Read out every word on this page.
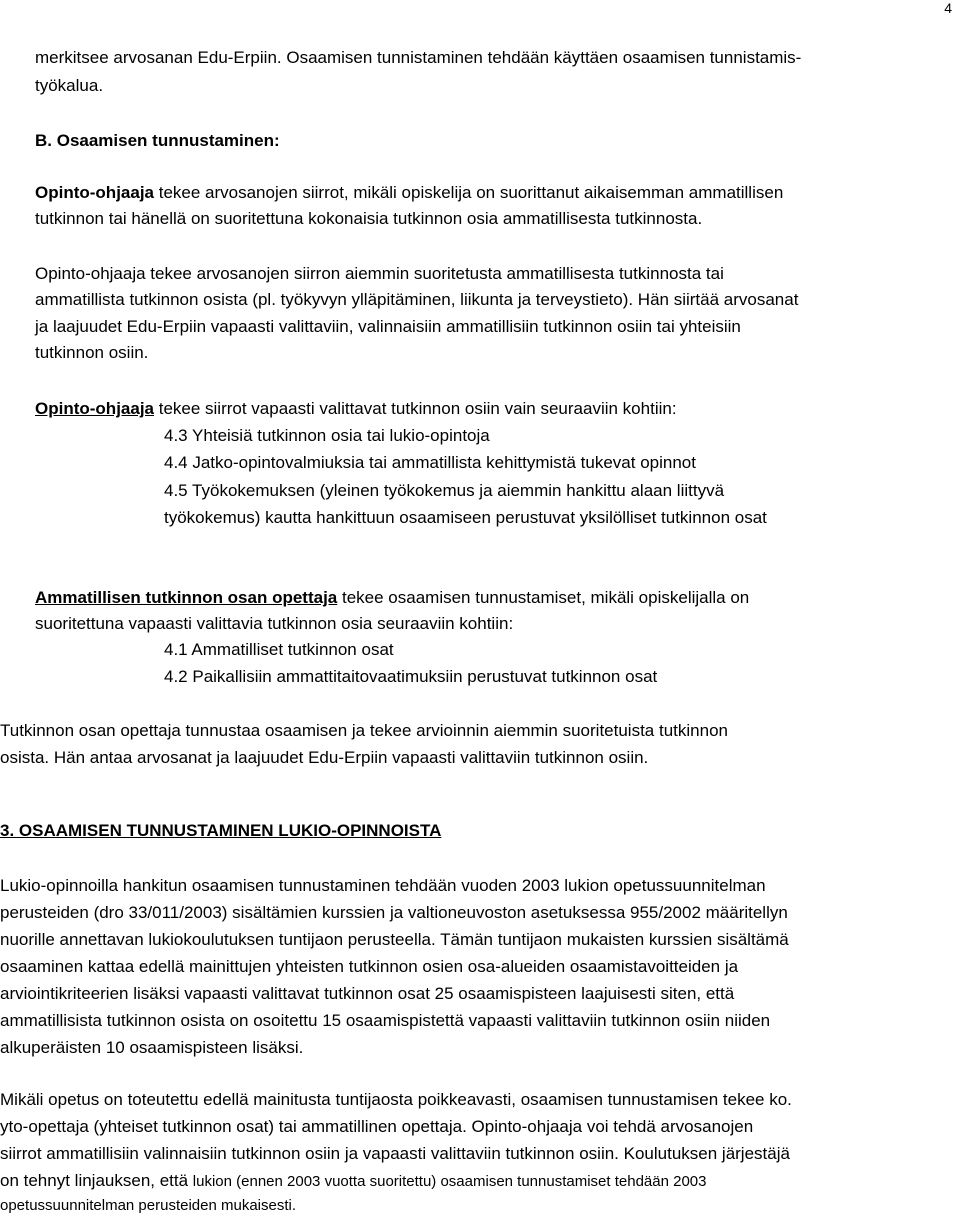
4
merkitsee arvosanan Edu-Erpiin. Osaamisen tunnistaminen tehdään käyttäen osaamisen tunnistamis-
työkalua.
B. Osaamisen tunnustaminen:
Opinto-ohjaaja tekee arvosanojen siirrot, mikäli opiskelija on suorittanut aikaisemman ammatillisen
tutkinnon tai hänellä on suoritettuna kokonaisia tutkinnon osia ammatillisesta tutkinnosta.
Opinto-ohjaaja tekee arvosanojen siirron aiemmin suoritetusta ammatillisesta tutkinnosta tai
ammatillista tutkinnon osista (pl. työkyvyn ylläpitäminen, liikunta ja terveystieto). Hän siirtää arvosanat
ja laajuudet Edu-Erpiin vapaasti valittaviin, valinnaisiin ammatillisiin tutkinnon osiin tai yhteisiin
tutkinnon osiin.
Opinto-ohjaaja tekee siirrot vapaasti valittavat tutkinnon osiin vain seuraaviin kohtiin:
4.3 Yhteisiä tutkinnon osia tai lukio-opintoja
4.4 Jatko-opintovalmiuksia tai ammatillista kehittymistä tukevat opinnot
4.5 Työkokemuksen (yleinen työkokemus ja aiemmin hankittu alaan liittyvä
työkokemus) kautta hankittuun osaamiseen perustuvat yksilölliset tutkinnon osat
Ammatillisen tutkinnon osan opettaja tekee osaamisen tunnustamiset, mikäli opiskelijalla on
suoritettuna vapaasti valittavia tutkinnon osia seuraaviin kohtiin:
4.1 Ammatilliset tutkinnon osat
4.2 Paikallisiin ammattitaitovaatimuksiin perustuvat tutkinnon osat
Tutkinnon osan opettaja tunnustaa osaamisen ja tekee arvioinnin aiemmin suoritetuista tutkinnon
osista. Hän antaa arvosanat ja laajuudet Edu-Erpiin vapaasti valittaviin tutkinnon osiin.
3. OSAAMISEN TUNNUSTAMINEN LUKIO-OPINNOISTA
Lukio-opinnoilla hankitun osaamisen tunnustaminen tehdään vuoden 2003 lukion opetussuunnitelman
perusteiden (dro 33/011/2003) sisältämien kurssien ja valtioneuvoston asetuksessa 955/2002 määritellyn
nuorille annettavan lukiokoulutuksen tuntijaon perusteella. Tämän tuntijaon mukaisten kurssien sisältämä
osaaminen kattaa edellä mainittujen yhteisten tutkinnon osien osa-alueiden osaamistavoitteiden ja
arviointikriteerien lisäksi vapaasti valittavat tutkinnon osat 25 osaamispisteen laajuisesti siten, että
ammatillisista tutkinnon osista on osoitettu 15 osaamispistettä vapaasti valittaviin tutkinnon osiin niiden
alkuperäisten 10 osaamispisteen lisäksi.
Mikäli opetus on toteutettu edellä mainitusta tuntijaosta poikkeavasti, osaamisen tunnustamisen tekee ko.
yto-opettaja (yhteiset tutkinnon osat) tai ammatillinen opettaja. Opinto-ohjaaja voi tehdä arvosanojen
siirrot ammatillisiin valinnaisiin tutkinnon osiin ja vapaasti valittaviin tutkinnon osiin. Koulutuksen järjestäjä
on tehnyt linjauksen, että lukion (ennen 2003 vuotta suoritettu) osaamisen tunnustamiset tehdään 2003
opetussuunnitelman perusteiden mukaisesti.
